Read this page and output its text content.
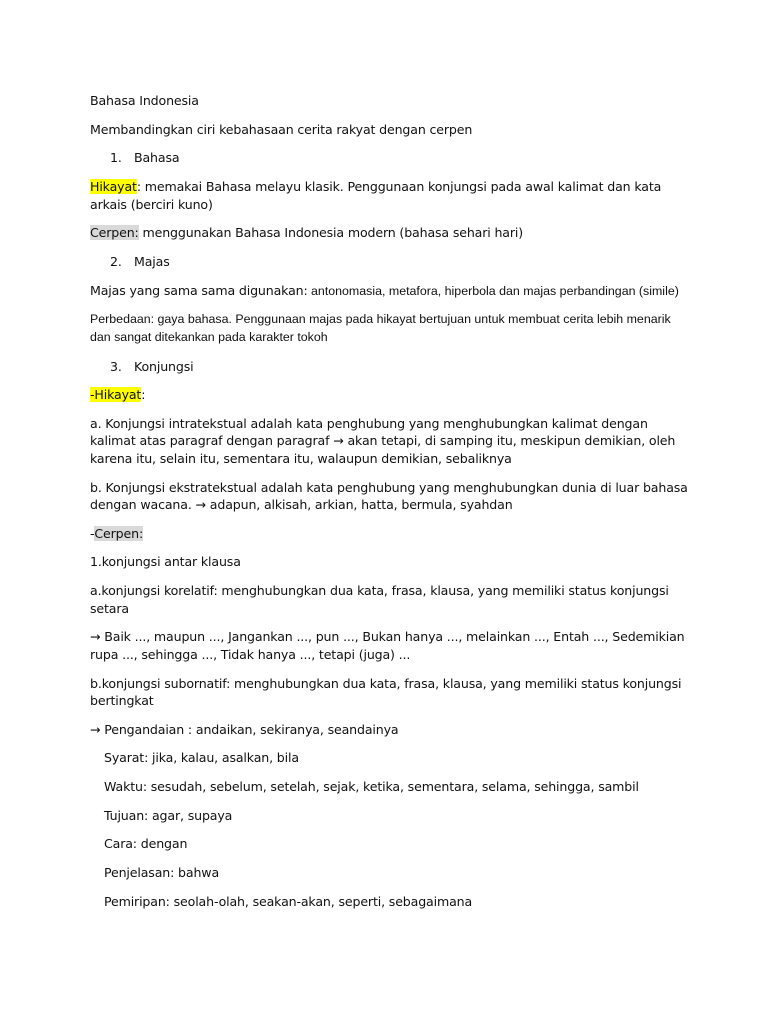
Bahasa Indonesia

Membandingkan ciri kebahasaan cerita rakyat dengan cerpen

1. Bahasa

Hikayat: memakai Bahasa melayu klasik. Penggunaan konjungsi pada awal kalimat dan kata arkais (berciri kuno)

Cerpen: menggunakan Bahasa Indonesia modern (bahasa sehari hari)

2. Majas

Majas yang sama sama digunakan: antonomasia, metafora, hiperbola dan majas perbandingan (simile)

Perbedaan: gaya bahasa. Penggunaan majas pada hikayat bertujuan untuk membuat cerita lebih menarik dan sangat ditekankan pada karakter tokoh

3. Konjungsi

-Hikayat:

a. Konjungsi intratekstual adalah kata penghubung yang menghubungkan kalimat dengan kalimat atas paragraf dengan paragraf → akan tetapi, di samping itu, meskipun demikian, oleh karena itu, selain itu, sementara itu, walaupun demikian, sebaliknya

b. Konjungsi ekstratekstual adalah kata penghubung yang menghubungkan dunia di luar bahasa dengan wacana. → adapun, alkisah, arkian, hatta, bermula, syahdan

-Cerpen:

1.konjungsi antar klausa

a.konjungsi korelatif: menghubungkan dua kata, frasa, klausa, yang memiliki status konjungsi setara

→ Baik ..., maupun ..., Jangankan ..., pun ..., Bukan hanya ..., melainkan ..., Entah ..., Sedemikian rupa ..., sehingga ..., Tidak hanya ..., tetapi (juga) ...

b.konjungsi subornatif: menghubungkan dua kata, frasa, klausa, yang memiliki status konjungsi bertingkat

→ Pengandaian : andaikan, sekiranya, seandainya

Syarat: jika, kalau, asalkan, bila

Waktu: sesudah, sebelum, setelah, sejak, ketika, sementara, selama, sehingga, sambil

Tujuan: agar, supaya

Cara: dengan

Penjelasan: bahwa

Pemiripan: seolah-olah, seakan-akan, seperti, sebagaimana
